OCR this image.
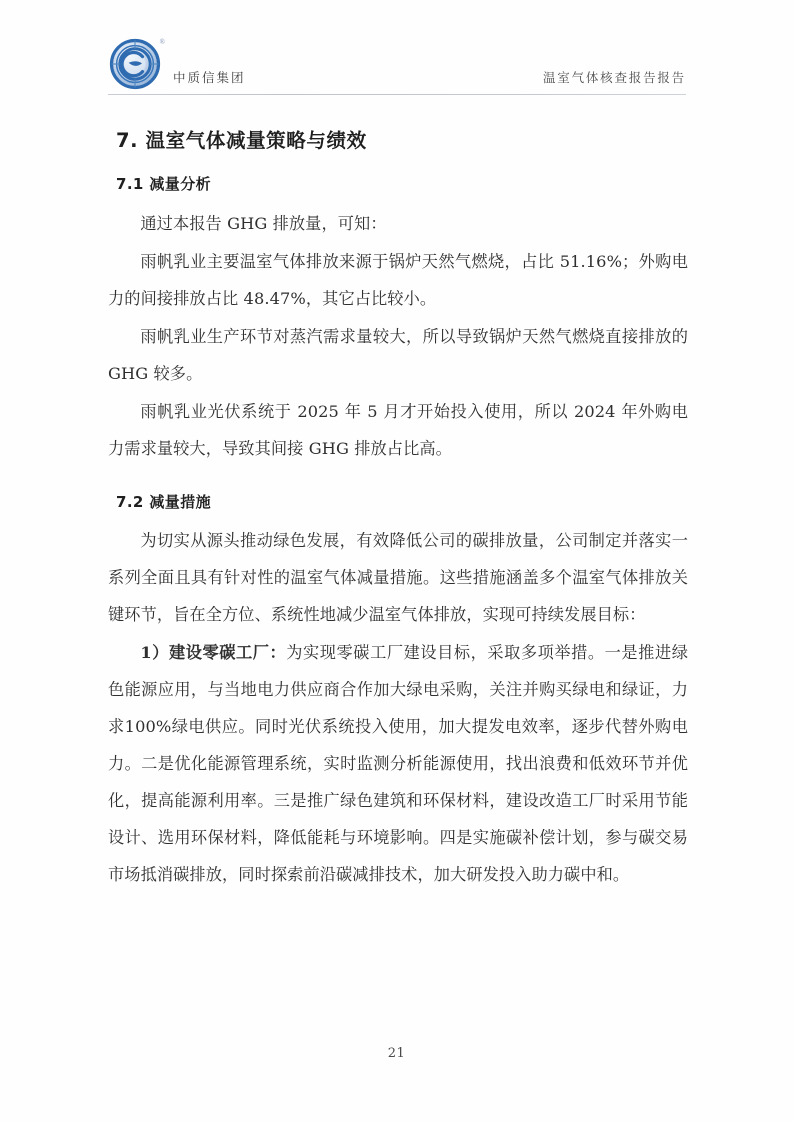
®
中质信集团	温室气体核查报告报告
7. 温室气体减量策略与绩效
7.1 减量分析

通过本报告 GHG 排放量，可知：

雨帆乳业主要温室气体排放来源于锅炉天然气燃烧，占比 51.16%；外购电力的间接排放占比 48.47%，其它占比较小。

雨帆乳业生产环节对蒸汽需求量较大，所以导致锅炉天然气燃烧直接排放的 GHG 较多。

雨帆乳业光伏系统于 2025 年 5 月才开始投入使用，所以 2024 年外购电力需求量较大，导致其间接 GHG 排放占比高。

7.2 减量措施

为切实从源头推动绿色发展，有效降低公司的碳排放量，公司制定并落实一系列全面且具有针对性的温室气体减量措施。这些措施涵盖多个温室气体排放关键环节，旨在全方位、系统性地减少温室气体排放，实现可持续发展目标：

1）建设零碳工厂：为实现零碳工厂建设目标，采取多项举措。一是推进绿色能源应用，与当地电力供应商合作加大绿电采购，关注并购买绿电和绿证，力求100%绿电供应。同时光伏系统投入使用，加大提发电效率，逐步代替外购电力。二是优化能源管理系统，实时监测分析能源使用，找出浪费和低效环节并优化，提高能源利用率。三是推广绿色建筑和环保材料，建设改造工厂时采用节能设计、选用环保材料，降低能耗与环境影响。四是实施碳补偿计划，参与碳交易市场抵消碳排放，同时探索前沿碳减排技术，加大研发投入助力碳中和。

21
